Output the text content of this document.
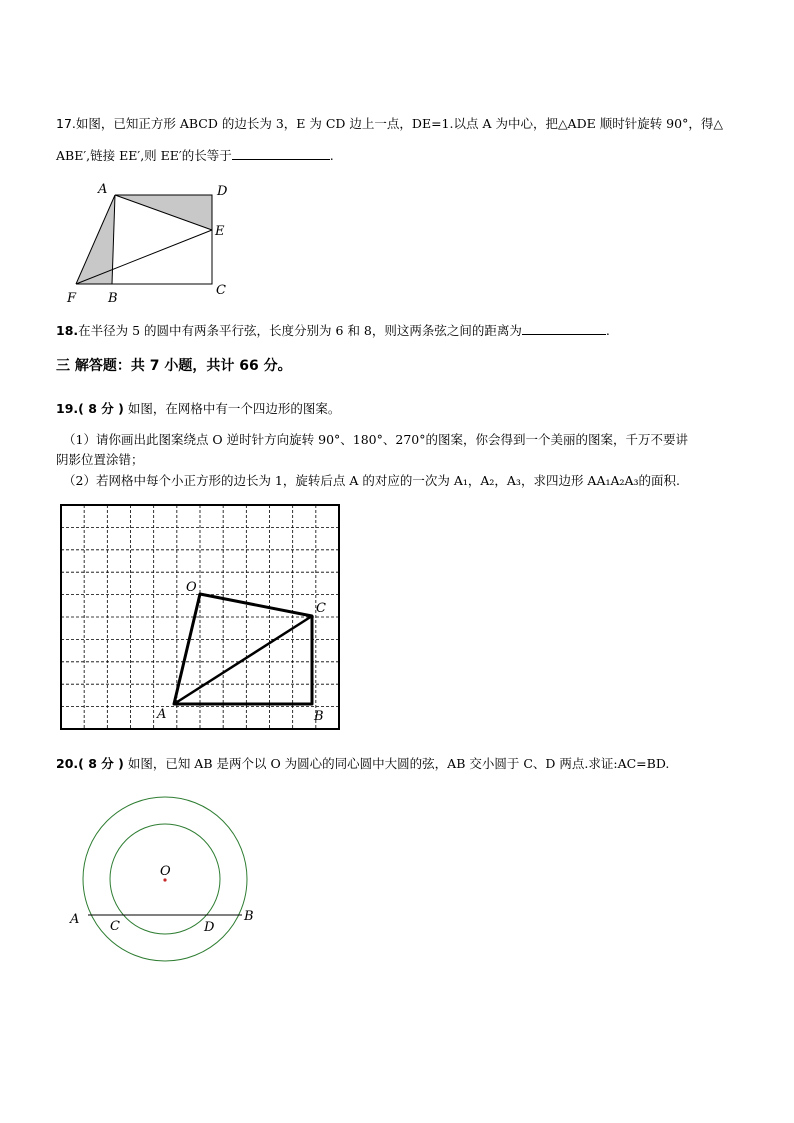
17.如图，已知正方形 ABCD 的边长为 3，E 为 CD 边上一点，DE=1.以点 A 为中心，把△ADE 顺时针旋转 90°，得△
ABE′,链接 EE′,则 EE′的长等于	.
A	D
E
F B
C
18.在半径为 5 的圆中有两条平行弦，长度分别为 6 和 8，则这两条弦之间的距离为	.
三 解答题：共 7 小题，共计 66 分。
19.( 8 分 ) 如图，在网格中有一个四边形的图案。
（1）请你画出此图案绕点 O 逆时针方向旋转 90°、180°、270°的图案，你会得到一个美丽的图案，千万不要讲
阴影位置涂错；
（2）若网格中每个小正方形的边长为 1，旋转后点 A 的对应的一次为 A₁，A₂，A₃，求四边形 AA₁A₂A₃的面积.
O
C
A	B
20.( 8 分 ) 如图，已知 AB 是两个以 O 为圆心的同心圆中大圆的弦，AB 交小圆于 C、D 两点.求证:AC=BD.
O
A	B
C	D
